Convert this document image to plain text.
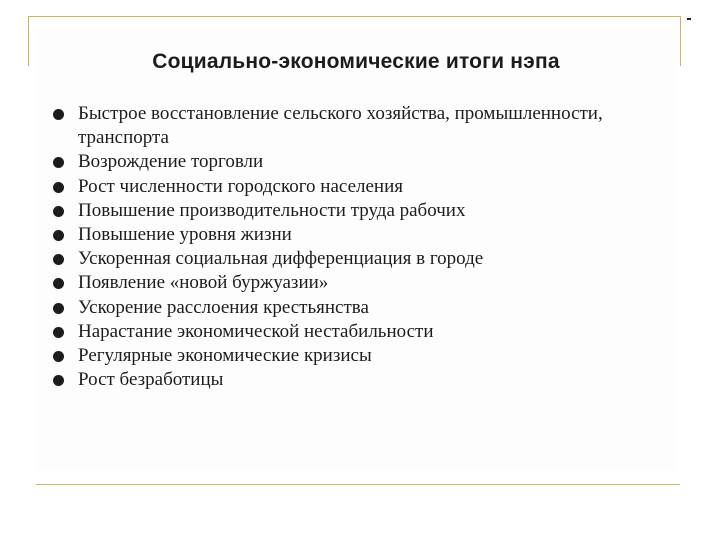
Социально-экономические итоги нэпа
Быстрое восстановление сельского хозяйства, промышленности, транспорта
Возрождение торговли
Рост численности городского населения
Повышение производительности труда рабочих
Повышение уровня жизни
Ускоренная социальная дифференциация в городе
Появление «новой буржуазии»
Ускорение расслоения крестьянства
Нарастание экономической нестабильности
Регулярные экономические кризисы
Рост безработицы
